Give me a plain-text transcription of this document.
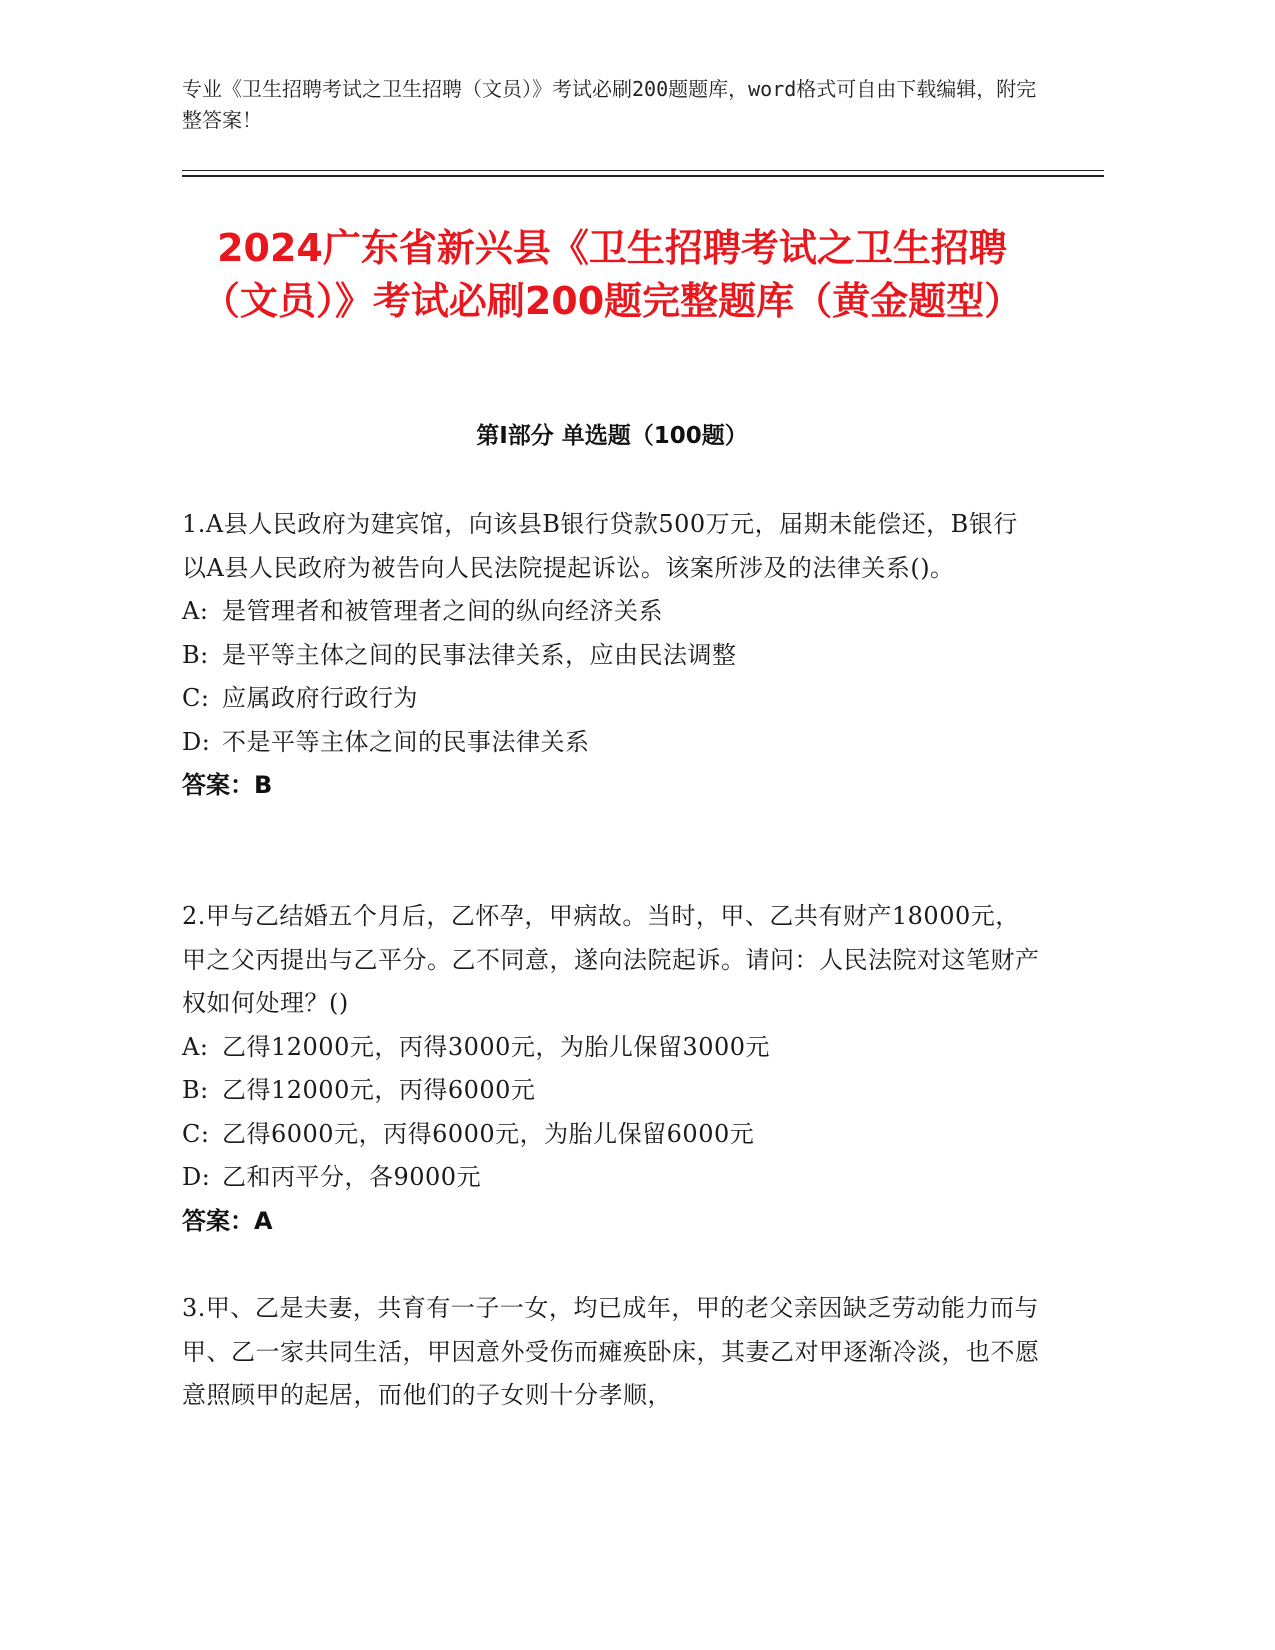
专业《卫生招聘考试之卫生招聘（文员）》考试必刷200题题库，word格式可自由下载编辑，附完整答案！
2024广东省新兴县《卫生招聘考试之卫生招聘（文员）》考试必刷200题完整题库（黄金题型）
第Ⅰ部分 单选题（100题）
1.A县人民政府为建宾馆，向该县B银行贷款500万元，届期未能偿还，B银行以A县人民政府为被告向人民法院提起诉讼。该案所涉及的法律关系()。
A: 是管理者和被管理者之间的纵向经济关系
B: 是平等主体之间的民事法律关系，应由民法调整
C: 应属政府行政行为
D: 不是平等主体之间的民事法律关系
答案：B
2.甲与乙结婚五个月后，乙怀孕，甲病故。当时，甲、乙共有财产18000元，甲之父丙提出与乙平分。乙不同意，遂向法院起诉。请问：人民法院对这笔财产权如何处理？()
A: 乙得12000元，丙得3000元，为胎儿保留3000元
B: 乙得12000元，丙得6000元
C: 乙得6000元，丙得6000元，为胎儿保留6000元
D: 乙和丙平分，各9000元
答案：A
3.甲、乙是夫妻，共育有一子一女，均已成年，甲的老父亲因缺乏劳动能力而与甲、乙一家共同生活，甲因意外受伤而瘫痪卧床，其妻乙对甲逐渐冷淡，也不愿意照顾甲的起居，而他们的子女则十分孝顺，
